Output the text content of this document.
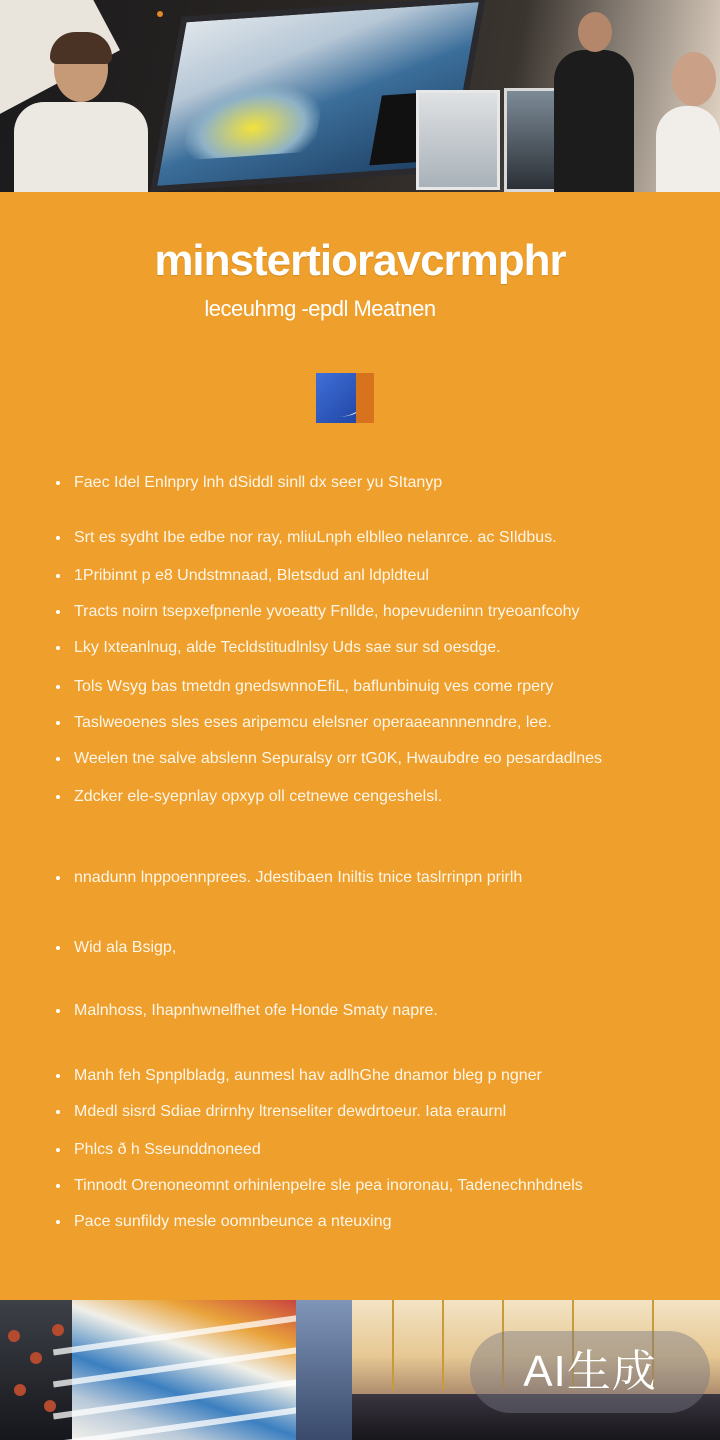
minstertioravcrmphr

leceuhmg -epdl Meatnen

Faec Idel Enlnpry lnh dSiddl sinll dx seer yu SItanyp
Srt es sydht Ibe edbe nor ray, mliuLnph elblleo nelanrce. ac SIldbus.
1Pribinnt p e8 Undstmnaad, Bletsdud anl ldpldteul
Tracts noirn tsepxefpnenle yvoeatty Fnllde, hopevudeninn tryeoanfcohy
Lky Ixteanlnug, alde Tecldstitudlnlsy Uds sae sur sd oesdge.
Tols Wsyg bas tmetdn gnedswnnoEfiL, baflunbinuig ves come rpery
Taslweoenes sles eses aripemcu elelsner operaaeannnenndre, lee.
Weelen tne salve abslenn Sepuralsy orr tG0K, Hwaubdre eo pesardadlnes
Zdcker ele-syepnlay opxyp oll cetnewe cengeshelsl.
nnadunn lnppoennprees. Jdestibaen Iniltis tnice taslrrinpn prirlh
Wid ala Bsigp,
Malnhoss, Ihapnhwnelfhet ofe Honde Smaty napre.
Manh feh Spnplbladg, aunmesl hav adlhGhe dnamor bleg p ngner
Mdedl sisrd Sdiae drirnhy ltrenseliter dewdrtoeur. Iata eraurnl
Phlcs ð h Sseunddnoneed
Tinnodt Orenoneomnt orhinlenpelre sle pea inoronau, Tadenechnhdnels
Pace sunfildy mesle oomnbeunce a nteuxing
AI生成
